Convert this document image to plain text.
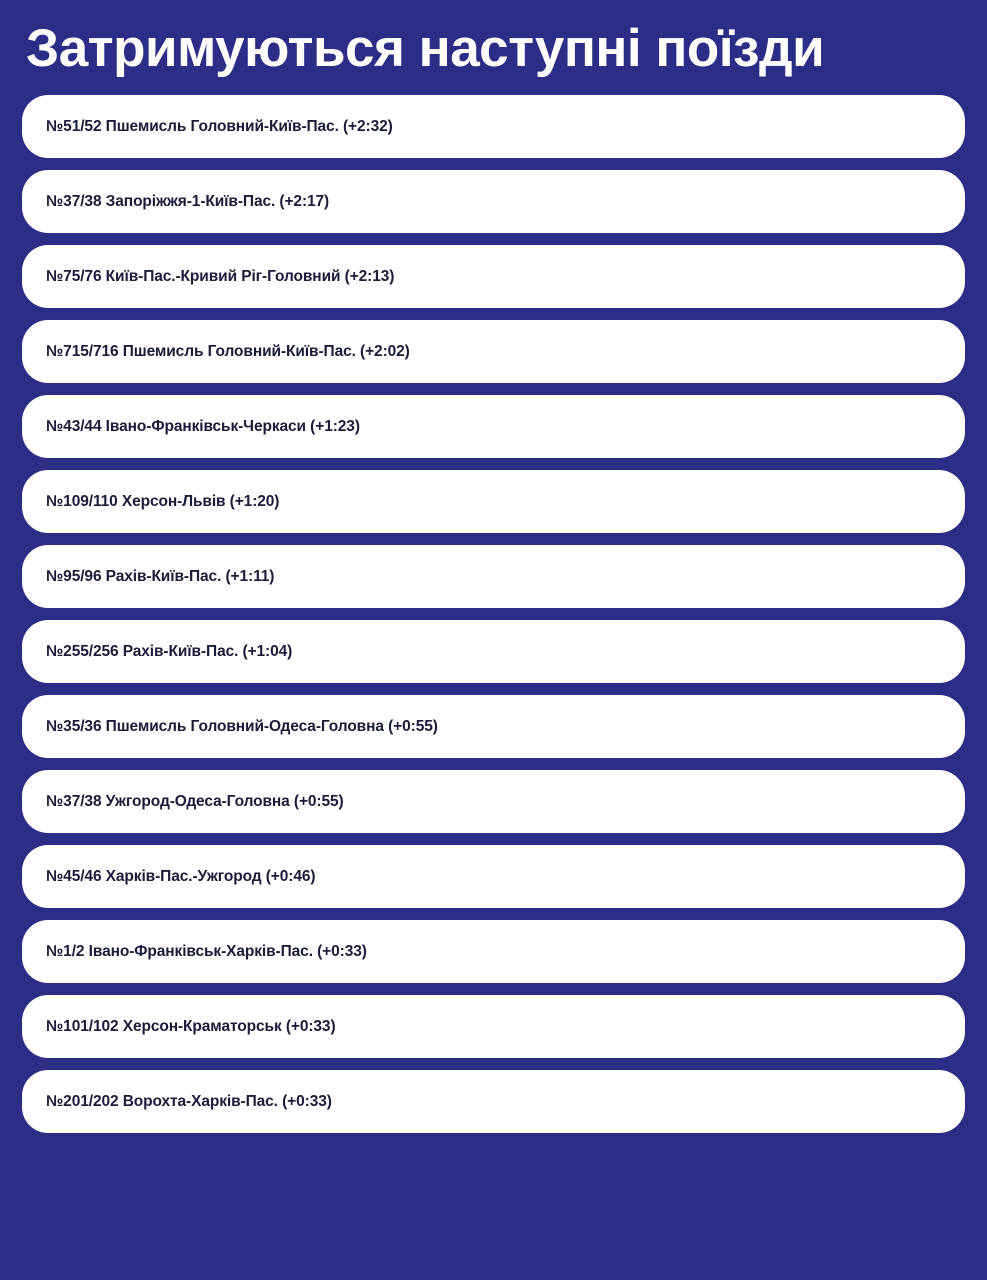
Затримуються наступні поїзди
№51/52 Пшемисль Головний-Київ-Пас. (+2:32)
№37/38 Запоріжжя-1-Київ-Пас. (+2:17)
№75/76 Київ-Пас.-Кривий Ріг-Головний (+2:13)
№715/716 Пшемисль Головний-Київ-Пас. (+2:02)
№43/44 Івано-Франківськ-Черкаси (+1:23)
№109/110 Херсон-Львів (+1:20)
№95/96 Рахів-Київ-Пас. (+1:11)
№255/256 Рахів-Київ-Пас. (+1:04)
№35/36 Пшемисль Головний-Одеса-Головна (+0:55)
№37/38 Ужгород-Одеса-Головна (+0:55)
№45/46 Харків-Пас.-Ужгород (+0:46)
№1/2 Івано-Франківськ-Харків-Пас. (+0:33)
№101/102 Херсон-Краматорськ (+0:33)
№201/202 Ворохта-Харків-Пас. (+0:33)
